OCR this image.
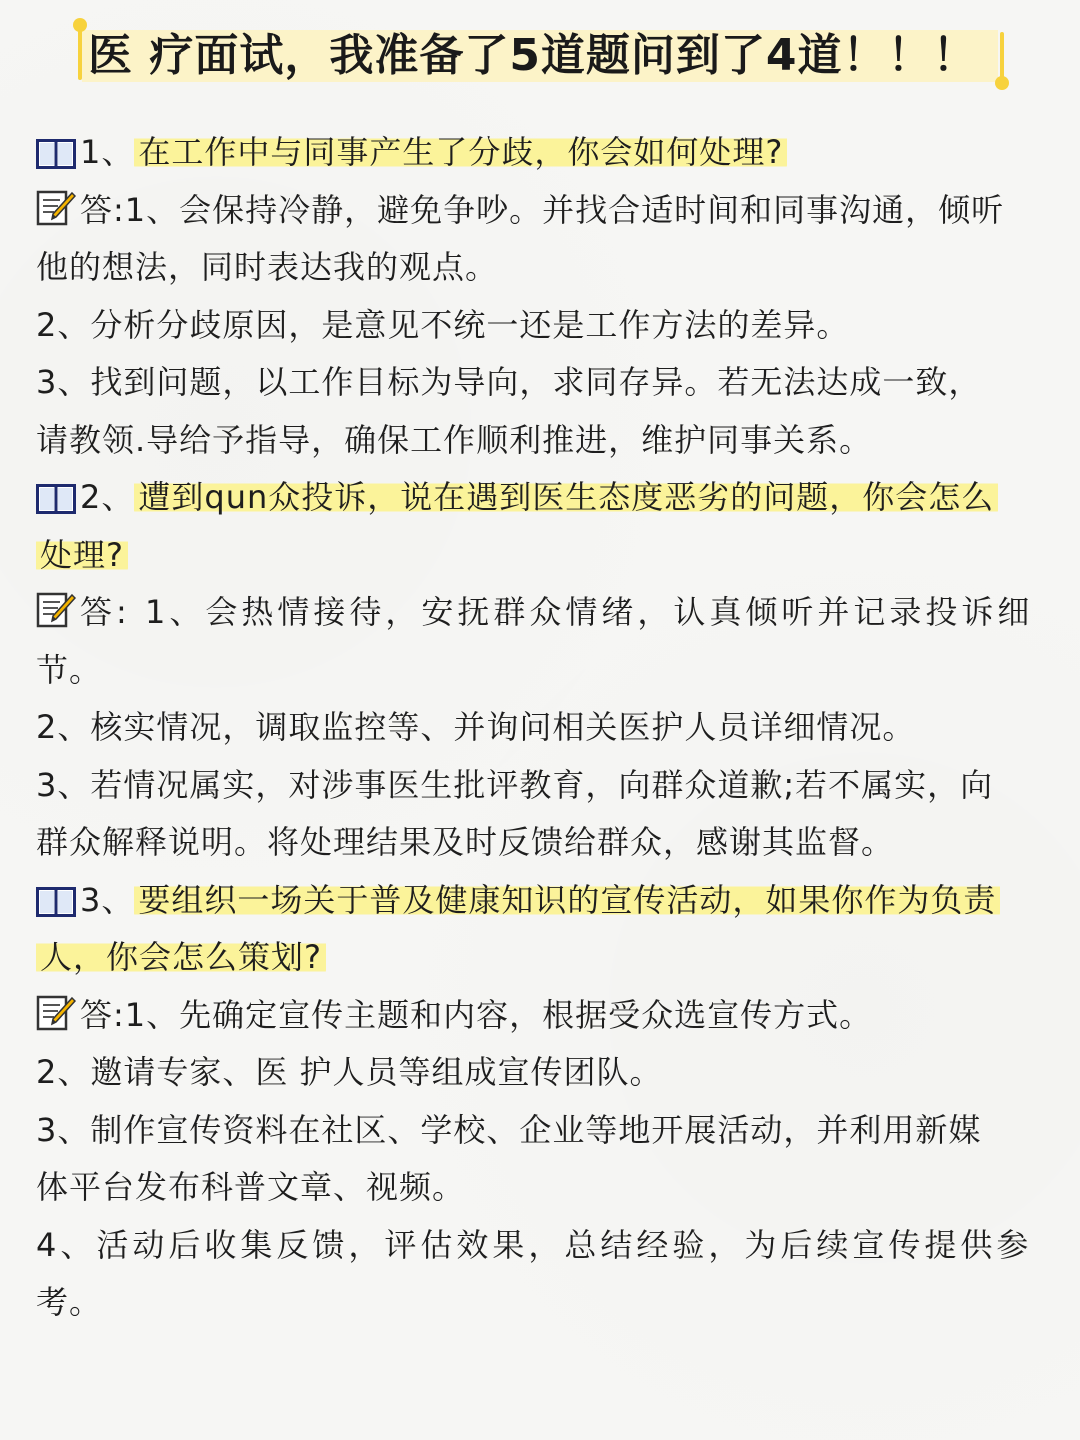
医 疗面试，我准备了5道题问到了4道！！！
1、 在工作中与同事产生了分歧，你会如何处理?
答:1、会保持冷静，避免争吵。并找合适时间和同事沟通，倾听
他的想法，同时表达我的观点。
2、分析分歧原因，是意见不统一还是工作方法的差异。
3、找到问题，以工作目标为导向，求同存异。若无法达成一致，
请教领.导给予指导，确保工作顺利推进，维护同事关系。
2、 遭到qun众投诉，说在遇到医生态度恶劣的问题，你会怎么
处理?
答: 1、会热情接待，安抚群众情绪，认真倾听并记录投诉细
节。
2、核实情况，调取监控等、并询问相关医护人员详细情况。
3、若情况属实，对涉事医生批评教育，向群众道歉;若不属实，向
群众解释说明。将处理结果及时反馈给群众，感谢其监督。
3、 要组织一场关于普及健康知识的宣传活动，如果你作为负责
人，你会怎么策划?
答:1、先确定宣传主题和内容，根据受众选宣传方式。
2、邀请专家、医 护人员等组成宣传团队。
3、制作宣传资料在社区、学校、企业等地开展活动，并利用新媒
体平台发布科普文章、视频。
4、活动后收集反馈，评估效果，总结经验，为后续宣传提供参
考。
